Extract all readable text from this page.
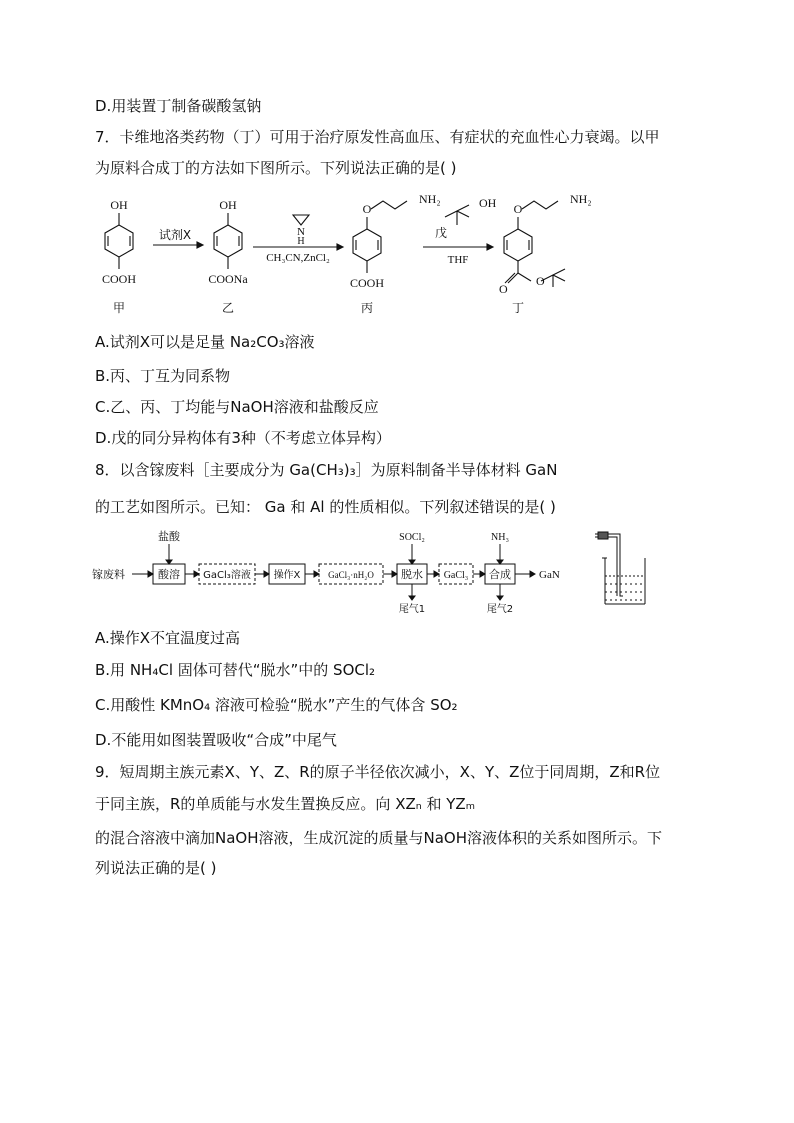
D.用装置丁制备碳酸氢钠
7．卡维地洛类药物（丁）可用于治疗原发性高血压、有症状的充血性心力衰竭。以甲
为原料合成丁的方法如下图所示。下列说法正确的是( )
OH
COOH
试剂X
OH
COONa
N
H
CH₃CN,ZnCl₂
O
NH₂
COOH
戊
OH
THF
O
NH₂
O
O
甲	乙	丙	丁
A.试剂X可以是足量 Na₂CO₃溶液
B.丙、丁互为同系物
C.乙、丙、丁均能与NaOH溶液和盐酸反应
D.戊的同分异构体有3种（不考虑立体异构）
8．以含镓废料［主要成分为 Ga(CH₃)₃］为原料制备半导体材料 GaN
的工艺如图所示。已知： Ga 和 Al 的性质相似。下列叙述错误的是( )
镓废料
盐酸
酸溶 GaCl₃溶液 操作X	GaCl₃·nH₂O
SOCl₂
脱水
尾气1
GaCl₃
NH₃
合成
尾气2
GaN
A.操作X不宜温度过高
B.用 NH₄Cl 固体可替代“脱水”中的 SOCl₂
C.用酸性 KMnO₄ 溶液可检验“脱水”产生的气体含 SO₂
D.不能用如图装置吸收“合成”中尾气
9．短周期主族元素X、Y、Z、R的原子半径依次减小，X、Y、Z位于同周期，Z和R位
于同主族，R的单质能与水发生置换反应。向 XZₙ 和 YZₘ
的混合溶液中滴加NaOH溶液，生成沉淀的质量与NaOH溶液体积的关系如图所示。下
列说法正确的是( )
